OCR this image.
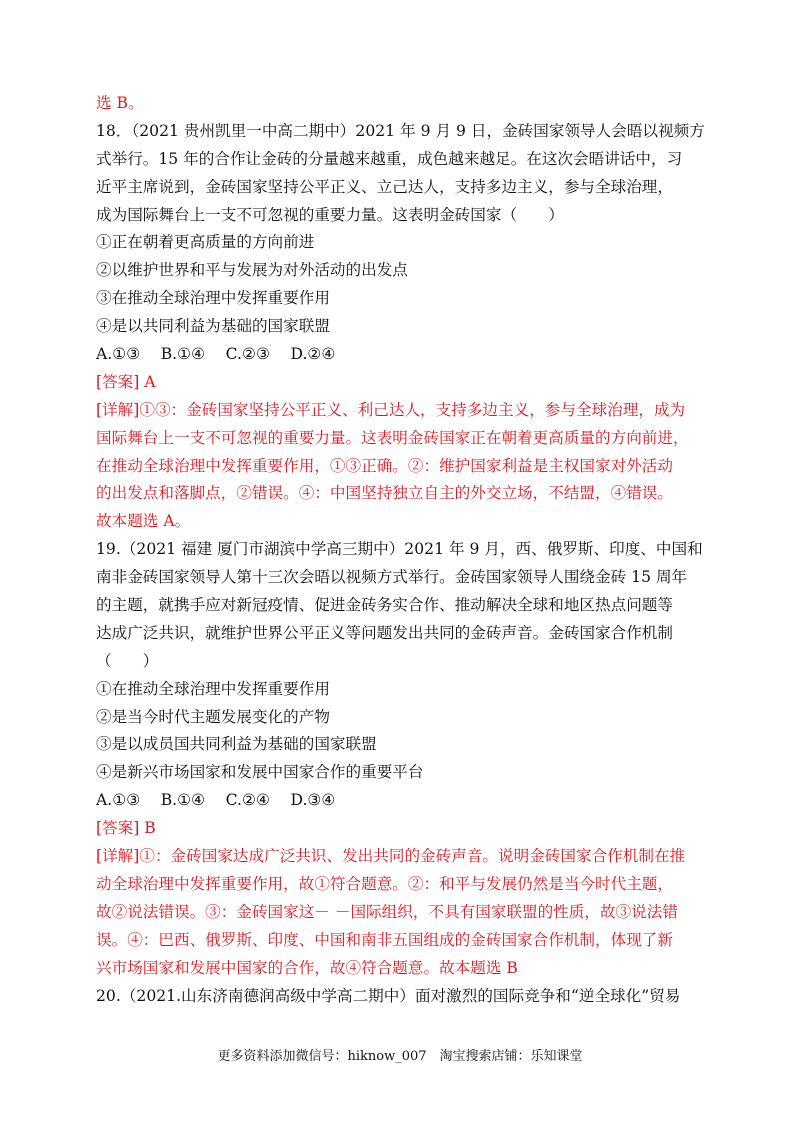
选 B。
18．（2021 贵州凯里一中高二期中）2021 年 9 月 9 日，金砖国家领导人会晤以视频方
式举行。15 年的合作让金砖的分量越来越重，成色越来越足。在这次会晤讲话中，习
近平主席说到，金砖国家坚持公平正义、立己达人，支持多边主义，参与全球治理，
成为国际舞台上一支不可忽视的重要力量。这表明金砖国家（　　）
①正在朝着更高质量的方向前进
②以维护世界和平与发展为对外活动的出发点
③在推动全球治理中发挥重要作用
④是以共同利益为基础的国家联盟
A.①③　 B.①④　 C.②③　 D.②④
[答案] A
[详解]①③：金砖国家坚持公平正义、利己达人，支持多边主义，参与全球治理，成为
国际舞台上一支不可忽视的重要力量。这表明金砖国家正在朝着更高质量的方向前进，
在推动全球治理中发挥重要作用，①③正确。②：维护国家利益是主权国家对外活动
的出发点和落脚点，②错误。④：中国坚持独立自主的外交立场，不结盟，④错误。
故本题选 A。
19.（2021 福建 厦门市湖滨中学高三期中）2021 年 9 月，西、俄罗斯、印度、中国和
南非金砖国家领导人第十三次会晤以视频方式举行。金砖国家领导人围绕金砖 15 周年
的主题，就携手应对新冠疫情、促进金砖务实合作、推动解决全球和地区热点问题等
达成广泛共识，就维护世界公平正义等问题发出共同的金砖声音。金砖国家合作机制
（　　）
①在推动全球治理中发挥重要作用
②是当今时代主题发展变化的产物
③是以成员国共同利益为基础的国家联盟
④是新兴市场国家和发展中国家合作的重要平台
A.①③　 B.①④　 C.②④　 D.③④
[答案] B
[详解]①：金砖国家达成广泛共识、发出共同的金砖声音。说明金砖国家合作机制在推
动全球治理中发挥重要作用，故①符合题意。②：和平与发展仍然是当今时代主题，
故②说法错误。③：金砖国家这－ －国际组织，不具有国家联盟的性质，故③说法错
误。④：巴西、俄罗斯、印度、中国和南非五国组成的金砖国家合作机制，体现了新
兴市场国家和发展中国家的合作，故④符合题意。故本题选 B
20.（2021.山东济南德润高级中学高二期中）面对激烈的国际竞争和“逆全球化”贸易
更多资料添加微信号：hiknow_007　淘宝搜索店铺：乐知课堂
